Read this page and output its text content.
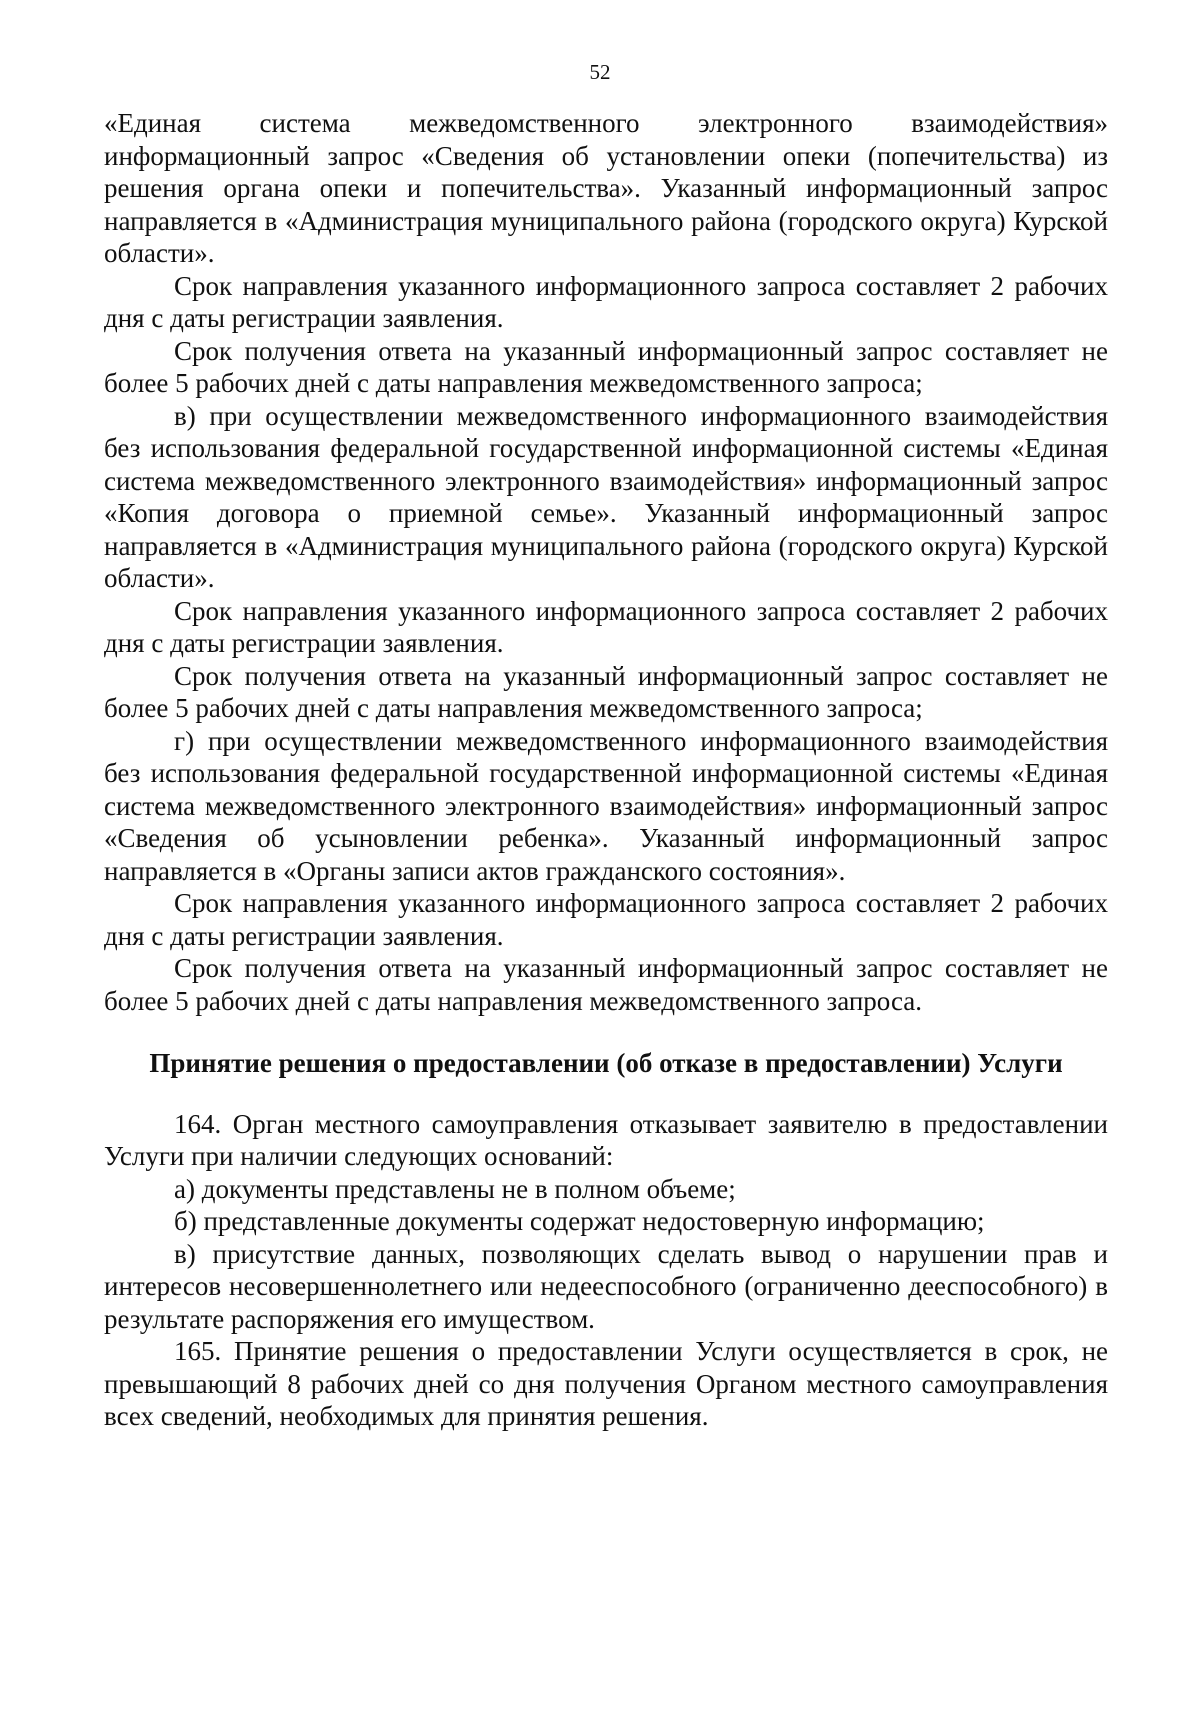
52

«Единая система межведомственного электронного взаимодействия» информационный запрос «Сведения об установлении опеки (попечительства) из решения органа опеки и попечительства». Указанный информационный запрос направляется в «Администрация муниципального района (городского округа) Курской области».

Срок направления указанного информационного запроса составляет 2 рабочих дня с даты регистрации заявления.

Срок получения ответа на указанный информационный запрос составляет не более 5 рабочих дней с даты направления межведомственного запроса;

в) при осуществлении межведомственного информационного взаимодействия без использования федеральной государственной информационной системы «Единая система межведомственного электронного взаимодействия» информационный запрос «Копия договора о приемной семье». Указанный информационный запрос направляется в «Администрация муниципального района (городского округа) Курской области».

Срок направления указанного информационного запроса составляет 2 рабочих дня с даты регистрации заявления.

Срок получения ответа на указанный информационный запрос составляет не более 5 рабочих дней с даты направления межведомственного запроса;

г) при осуществлении межведомственного информационного взаимодействия без использования федеральной государственной информационной системы «Единая система межведомственного электронного взаимодействия» информационный запрос «Сведения об усыновлении ребенка». Указанный информационный запрос направляется в «Органы записи актов гражданского состояния».

Срок направления указанного информационного запроса составляет 2 рабочих дня с даты регистрации заявления.

Срок получения ответа на указанный информационный запрос составляет не более 5 рабочих дней с даты направления межведомственного запроса.

Принятие решения о предоставлении (об отказе в предоставлении) Услуги

164. Орган местного самоуправления отказывает заявителю в предоставлении Услуги при наличии следующих оснований:

а) документы представлены не в полном объеме;

б) представленные документы содержат недостоверную информацию;

в) присутствие данных, позволяющих сделать вывод о нарушении прав и интересов несовершеннолетнего или недееспособного (ограниченно дееспособного) в результате распоряжения его имуществом.

165. Принятие решения о предоставлении Услуги осуществляется в срок, не превышающий 8 рабочих дней со дня получения Органом местного самоуправления всех сведений, необходимых для принятия решения.
